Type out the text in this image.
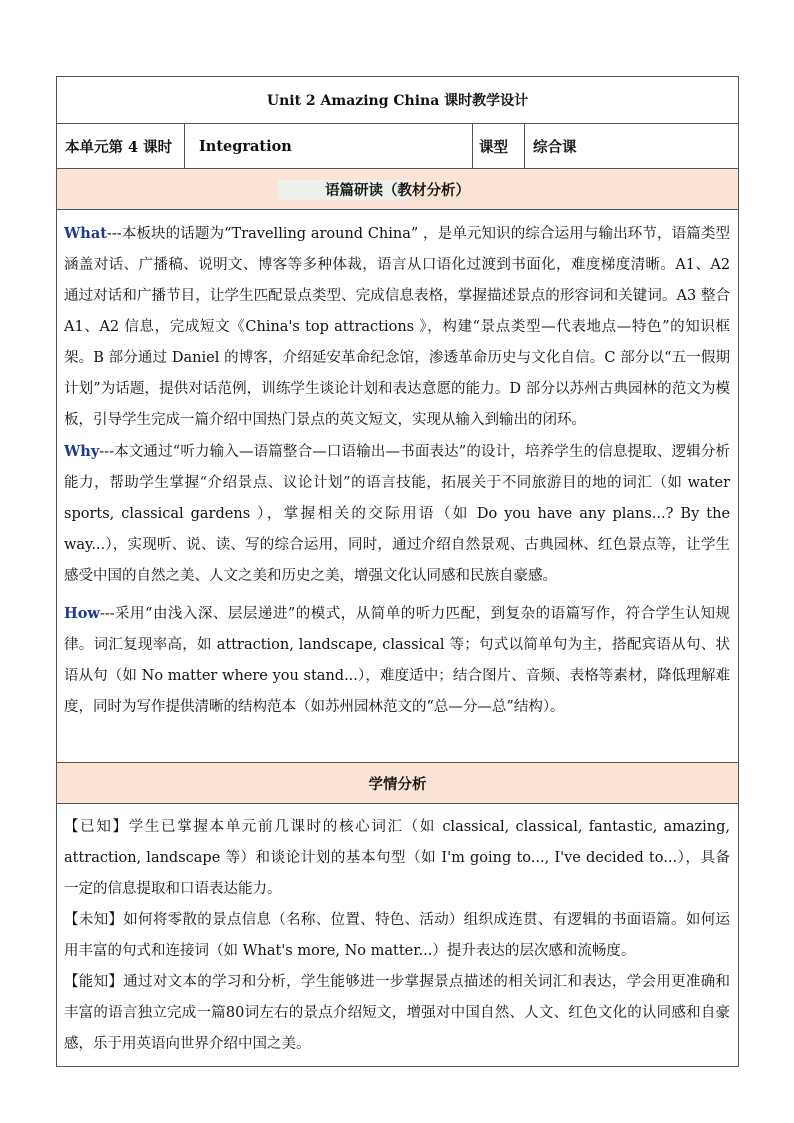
Unit 2 Amazing China 课时教学设计
本单元第 4 课时	Integration	课型	综合课

语篇研读（教材分析）

What---本板块的话题为“Travelling around China” ，是单元知识的综合运用与输出环节，语篇类型涵盖对话、广播稿、说明文、博客等多种体裁，语言从口语化过渡到书面化，难度梯度清晰。A1、A2 通过对话和广播节目，让学生匹配景点类型、完成信息表格，掌握描述景点的形容词和关键词。A3 整合 A1、A2 信息，完成短文《China's top attractions 》，构建“景点类型—代表地点—特色”的知识框架。B 部分通过 Daniel 的博客，介绍延安革命纪念馆，渗透革命历史与文化自信。C 部分以“五一假期计划”为话题，提供对话范例，训练学生谈论计划和表达意愿的能力。D 部分以苏州古典园林的范文为模板，引导学生完成一篇介绍中国热门景点的英文短文，实现从输入到输出的闭环。

Why---本文通过“听力输入—语篇整合—口语输出—书面表达”的设计，培养学生的信息提取、逻辑分析能力，帮助学生掌握“介绍景点、议论计划”的语言技能，拓展关于不同旅游目的地的词汇（如 water sports, classical gardens ），掌握相关的交际用语（如 Do you have any plans...? By the way...），实现听、说、读、写的综合运用，同时，通过介绍自然景观、古典园林、红色景点等，让学生感受中国的自然之美、人文之美和历史之美，增强文化认同感和民族自豪感。

How---采用“由浅入深、层层递进”的模式，从简单的听力匹配，到复杂的语篇写作，符合学生认知规律。词汇复现率高，如 attraction, landscape, classical 等；句式以简单句为主，搭配宾语从句、状语从句（如 No matter where you stand...），难度适中；结合图片、音频、表格等素材，降低理解难度，同时为写作提供清晰的结构范本（如苏州园林范文的“总—分—总”结构）。

学情分析

【已知】学生已掌握本单元前几课时的核心词汇（如 classical, classical, fantastic, amazing, attraction, landscape 等）和谈论计划的基本句型（如 I'm going to..., I've decided to...），具备一定的信息提取和口语表达能力。

【未知】如何将零散的景点信息（名称、位置、特色、活动）组织成连贯、有逻辑的书面语篇。如何运用丰富的句式和连接词（如 What's more, No matter...）提升表达的层次感和流畅度。

【能知】通过对文本的学习和分析，学生能够进一步掌握景点描述的相关词汇和表达，学会用更准确和丰富的语言独立完成一篇80词左右的景点介绍短文，增强对中国自然、人文、红色文化的认同感和自豪感，乐于用英语向世界介绍中国之美。
